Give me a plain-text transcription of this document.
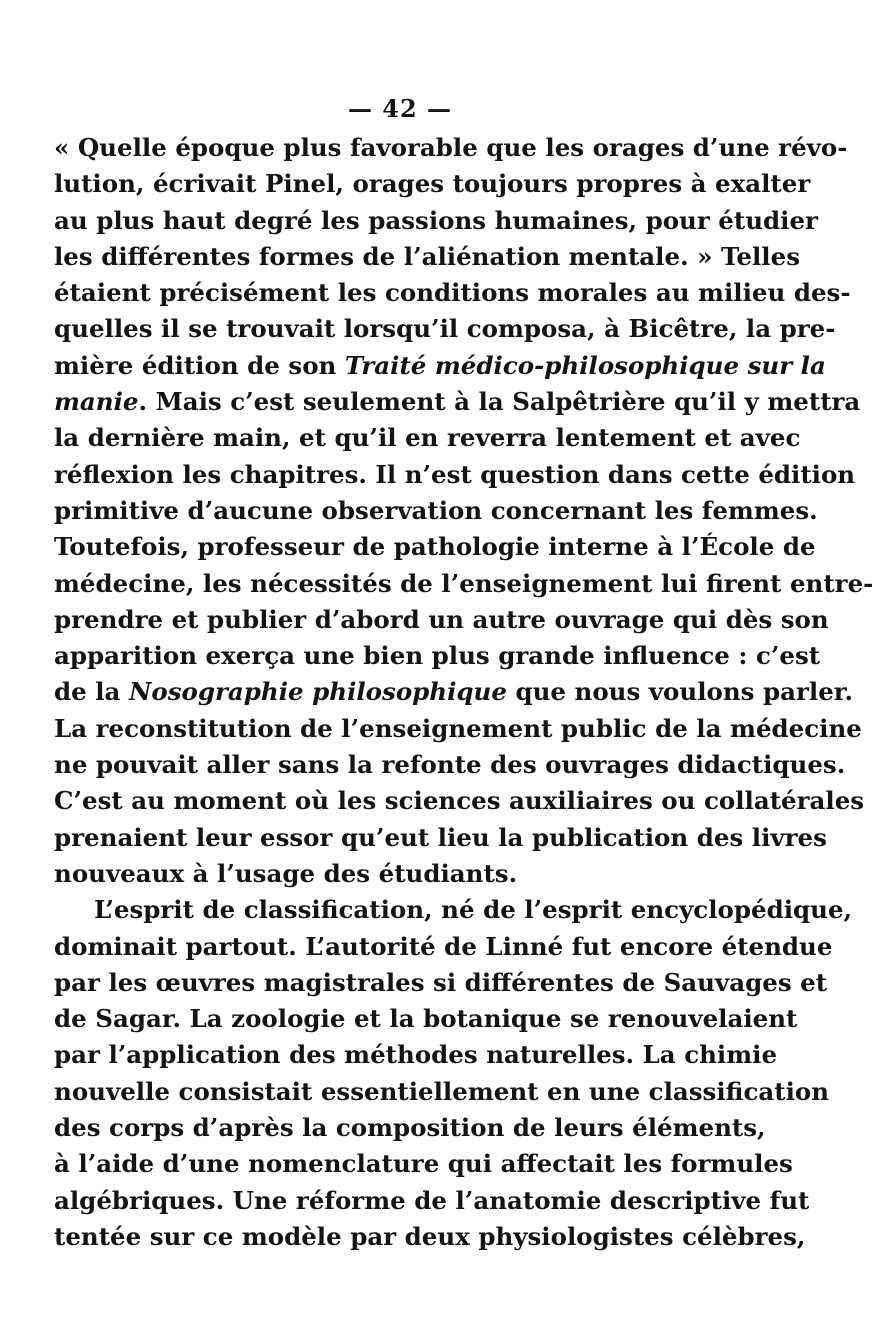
— 42 —
« Quelle époque plus favorable que les orages d’une révo-
lution, écrivait Pinel, orages toujours propres à exalter
au plus haut degré les passions humaines, pour étudier
les différentes formes de l’aliénation mentale. » Telles
étaient précisément les conditions morales au milieu des-
quelles il se trouvait lorsqu’il composa, à Bicêtre, la pre-
mière édition de son Traité médico-philosophique sur la
manie. Mais c’est seulement à la Salpêtrière qu’il y mettra
la dernière main, et qu’il en reverra lentement et avec
réflexion les chapitres. Il n’est question dans cette édition
primitive d’aucune observation concernant les femmes.
Toutefois, professeur de pathologie interne à l’École de
médecine, les nécessités de l’enseignement lui firent entre-
prendre et publier d’abord un autre ouvrage qui dès son
apparition exerça une bien plus grande influence : c’est
de la Nosographie philosophique que nous voulons parler.
La reconstitution de l’enseignement public de la médecine
ne pouvait aller sans la refonte des ouvrages didactiques.
C’est au moment où les sciences auxiliaires ou collatérales
prenaient leur essor qu’eut lieu la publication des livres
nouveaux à l’usage des étudiants.
L’esprit de classification, né de l’esprit encyclopédique,
dominait partout. L’autorité de Linné fut encore étendue
par les œuvres magistrales si différentes de Sauvages et
de Sagar. La zoologie et la botanique se renouvelaient
par l’application des méthodes naturelles. La chimie
nouvelle consistait essentiellement en une classification
des corps d’après la composition de leurs éléments,
à l’aide d’une nomenclature qui affectait les formules
algébriques. Une réforme de l’anatomie descriptive fut
tentée sur ce modèle par deux physiologistes célèbres,
